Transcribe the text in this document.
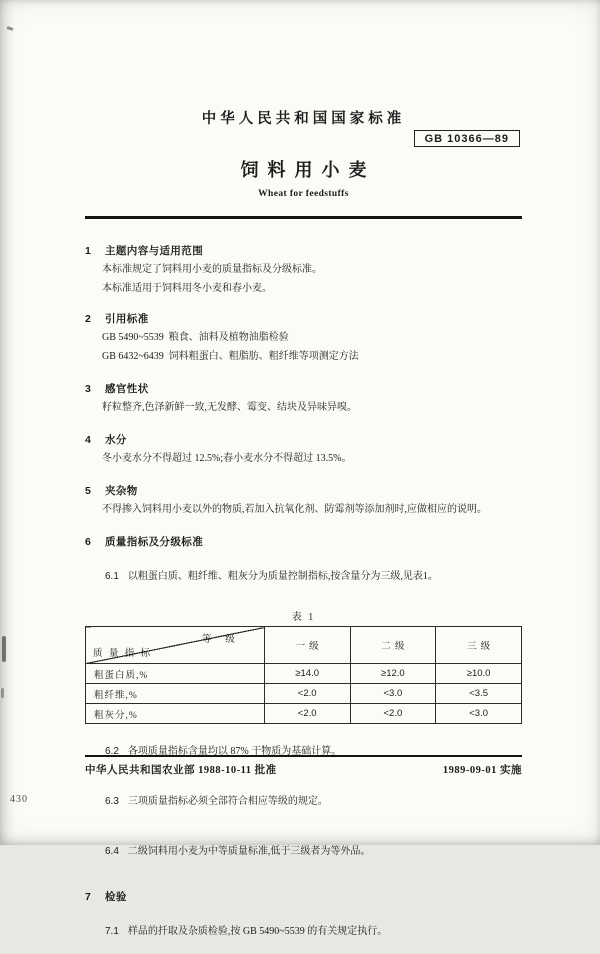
430
中华人民共和国国家标准
GB 10366—89
饲料用小麦
Wheat for feedstuffs
1 主题内容与适用范围
本标准规定了饲料用小麦的质量指标及分级标准。
本标准适用于饲料用冬小麦和春小麦。
2 引用标准
GB 5490~5539  粮食、油料及植物油脂检验
GB 6432~6439  饲料粗蛋白、粗脂肪、粗纤维等项测定方法
3 感官性状
籽粒整齐,色泽新鲜一致,无发酵、霉变、结块及异味异嗅。
4 水分
冬小麦水分不得超过 12.5%;春小麦水分不得超过 13.5%。
5 夹杂物
不得掺入饲料用小麦以外的物质,若加入抗氧化剂、防霉剂等添加剂时,应做相应的说明。
6 质量指标及分级标准

6.1 以粗蛋白质、粗纤维、粗灰分为质量控制指标,按含量分为三级,见表1。

表 1
等  级
质 量 指 标	一级	二级	三级
粗蛋白质,%	≥14.0	≥12.0	≥10.0
粗纤维,%	<2.0	<3.0	<3.5
粗灰分,%	<2.0	<2.0	<3.0

6.2 各项质量指标含量均以 87% 干物质为基础计算。

6.3 三项质量指标必须全部符合相应等级的规定。

6.4 二级饲料用小麦为中等质量标准,低于三级者为等外品。

7 检验

7.1 样品的扦取及杂质检验,按 GB 5490~5539 的有关规定执行。

中华人民共和国农业部 1988-10-11 批准	1989-09-01 实施
